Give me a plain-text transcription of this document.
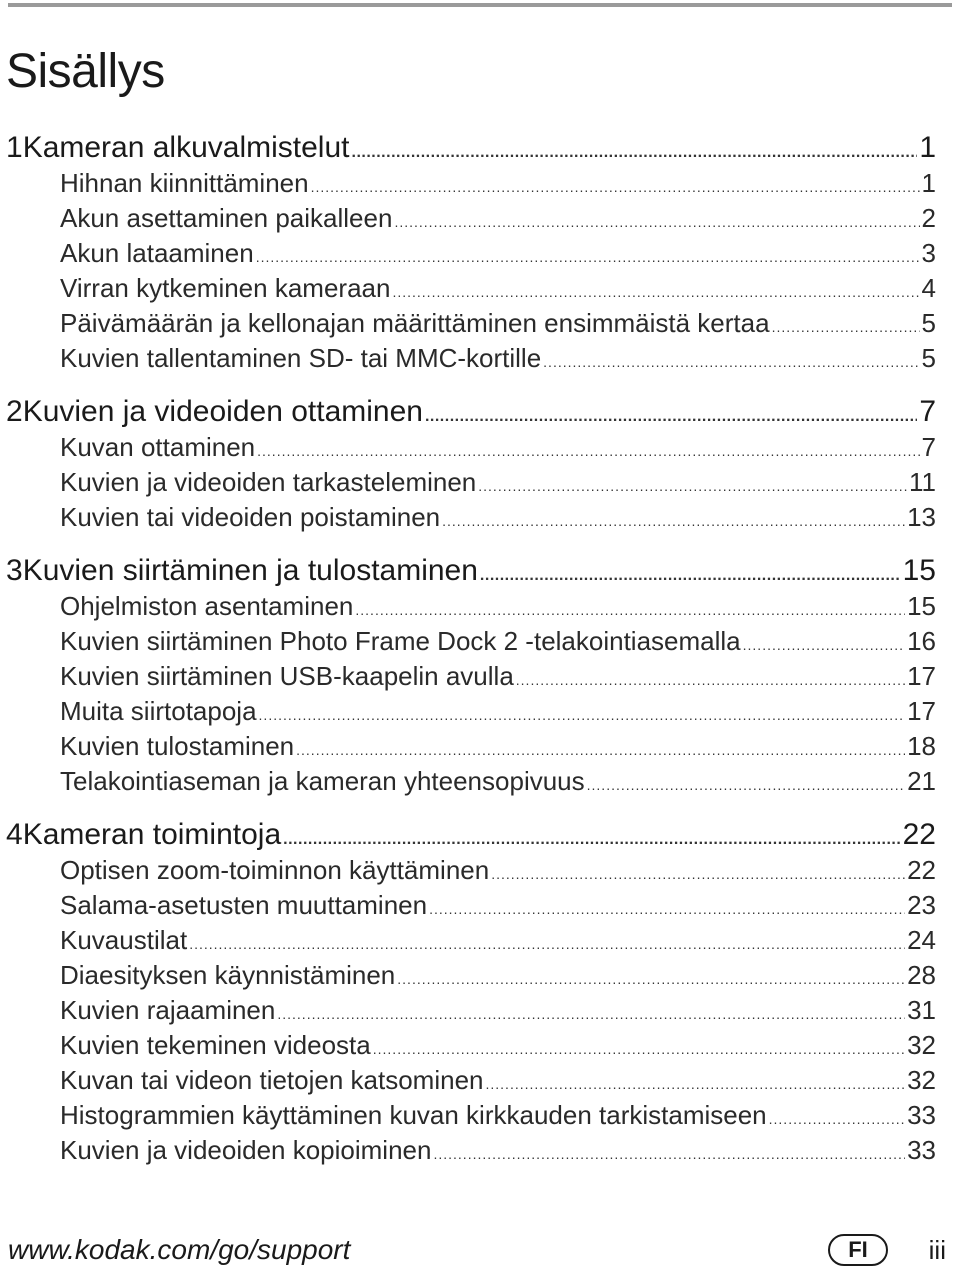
Sisällys
1 Kameran alkuvalmistelut .....	1
Hihnan kiinnittäminen .....	1
Akun asettaminen paikalleen .....	2
Akun lataaminen .....	3
Virran kytkeminen kameraan .....	4
Päivämäärän ja kellonajan määrittäminen ensimmäistä kertaa .....	5
Kuvien tallentaminen SD- tai MMC-kortille .....	5
2 Kuvien ja videoiden ottaminen .....	7
Kuvan ottaminen .....	7
Kuvien ja videoiden tarkasteleminen .....	11
Kuvien tai videoiden poistaminen .....	13
3 Kuvien siirtäminen ja tulostaminen .....	15
Ohjelmiston asentaminen .....	15
Kuvien siirtäminen Photo Frame Dock 2 -telakointiasemalla .....	16
Kuvien siirtäminen USB-kaapelin avulla .....	17
Muita siirtotapoja .....	17
Kuvien tulostaminen .....	18
Telakointiaseman ja kameran yhteensopivuus .....	21
4 Kameran toimintoja .....	22
Optisen zoom-toiminnon käyttäminen .....	22
Salama-asetusten muuttaminen .....	23
Kuvaustilat .....	24
Diaesityksen käynnistäminen .....	28
Kuvien rajaaminen .....	31
Kuvien tekeminen videosta .....	32
Kuvan tai videon tietojen katsominen .....	32
Histogrammien käyttäminen kuvan kirkkauden tarkistamiseen .....	33
Kuvien ja videoiden kopioiminen .....	33
www.kodak.com/go/support	FI	iii
